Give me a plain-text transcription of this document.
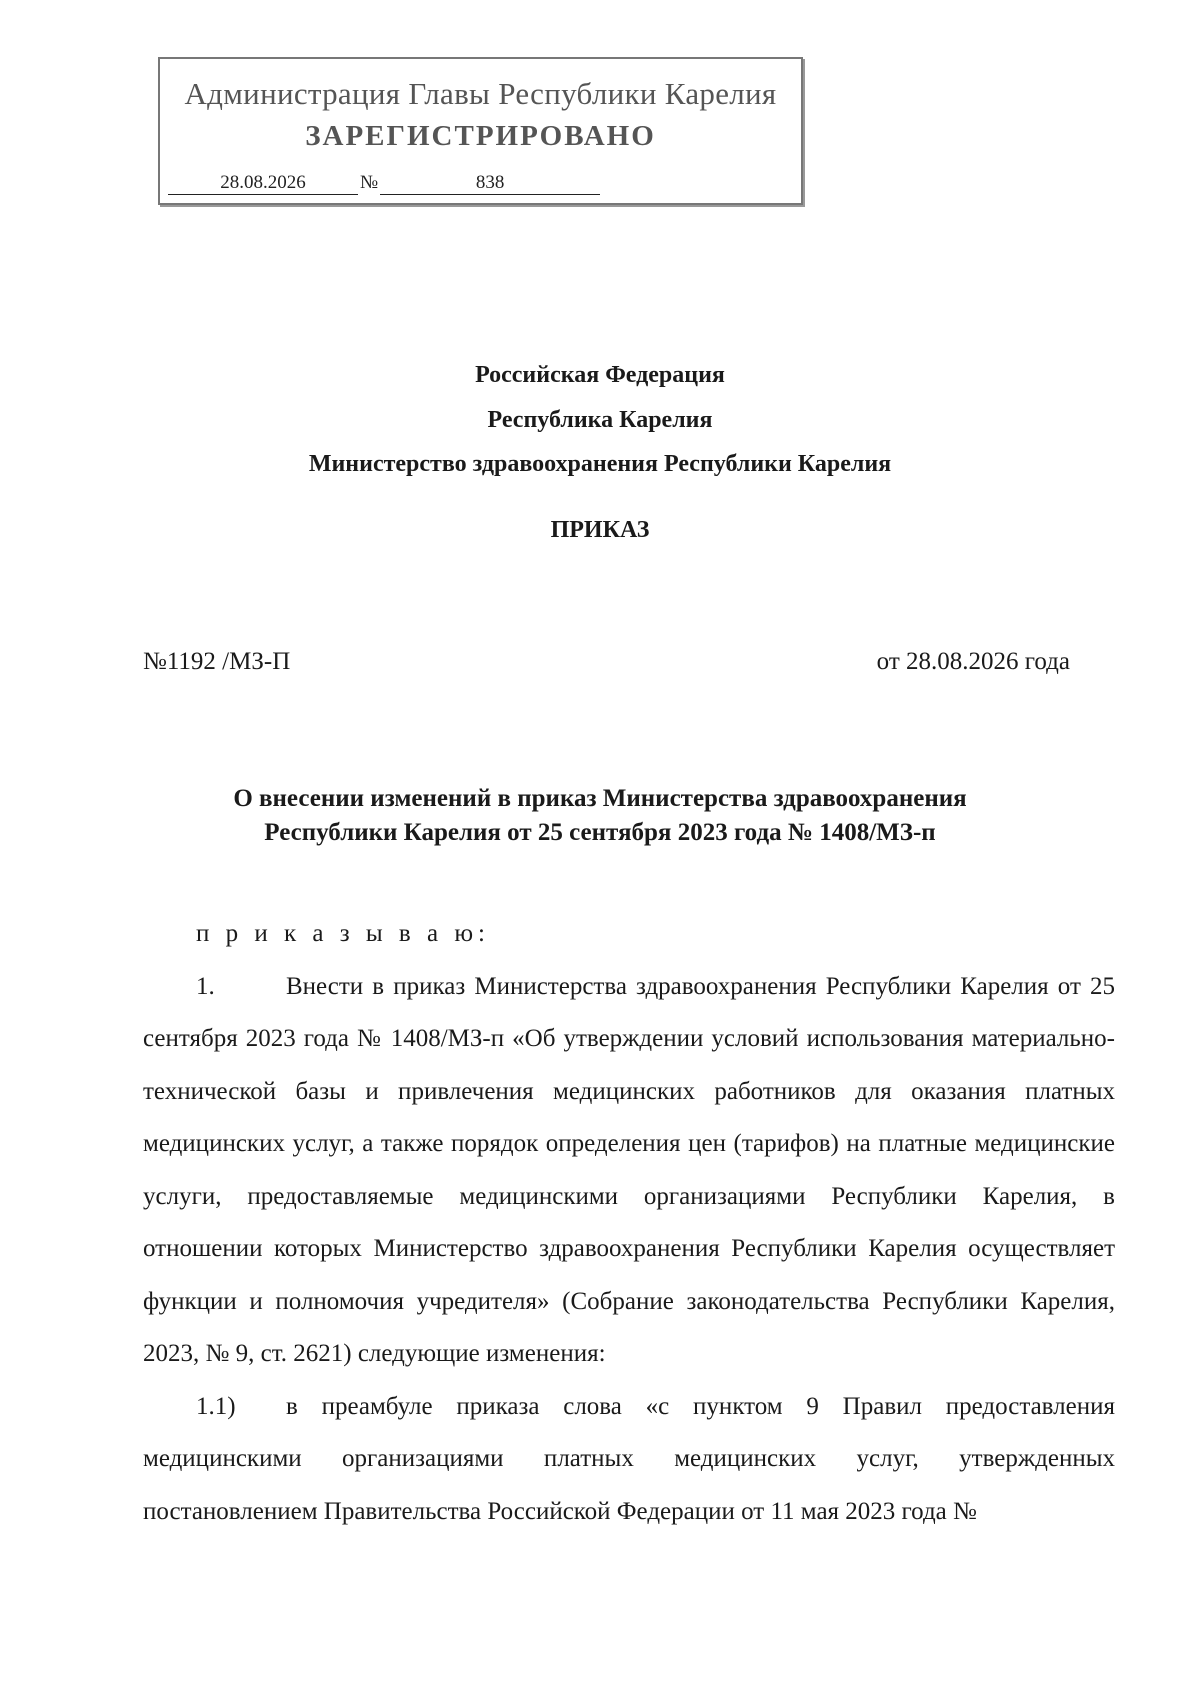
Администрация Главы Республики Карелия
ЗАРЕГИСТРИРОВАНО
28.08.2026	№	838
Российская Федерация
Республика Карелия
Министерство здравоохранения Республики Карелия
ПРИКАЗ
№1192 /МЗ-П	от 28.08.2026 года
О внесении изменений в приказ Министерства здравоохранения
Республики Карелия от 25 сентября 2023 года № 1408/МЗ-п

п р и к а з ы в а ю:

1.	Внести в приказ Министерства здравоохранения Республики Карелия от 25 сентября 2023 года № 1408/МЗ-п «Об утверждении условий использования материально-технической базы и привлечения медицинских работников для оказания платных медицинских услуг, а также порядок определения цен (тарифов) на платные медицинские услуги, предоставляемые медицинскими организациями Республики Карелия, в отношении которых Министерство здравоохранения Республики Карелия осуществляет функции и полномочия учредителя» (Собрание законодательства Республики Карелия, 2023, № 9, ст. 2621) следующие изменения:

1.1) в преамбуле приказа слова «с пунктом 9 Правил предоставления медицинскими организациями платных медицинских услуг, утвержденных постановлением Правительства Российской Федерации от 11 мая 2023 года №
